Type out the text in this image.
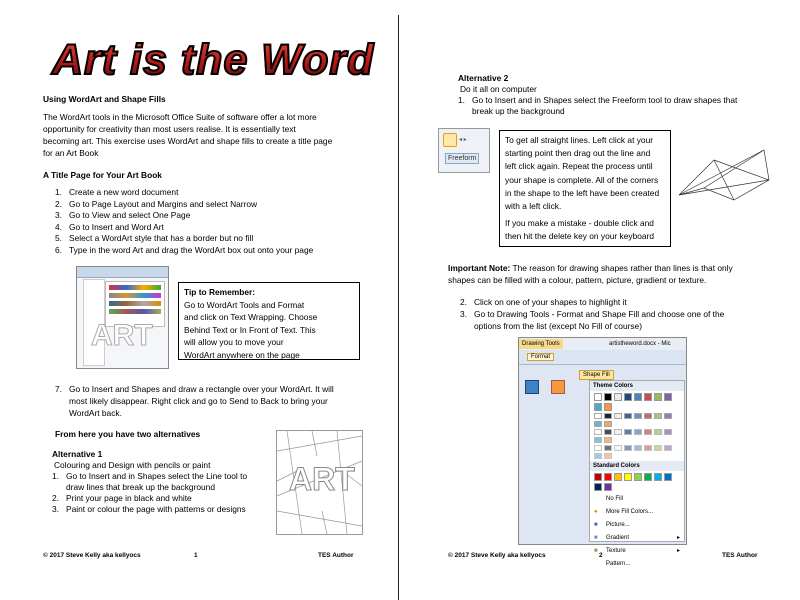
Art is the Word
Using WordArt and Shape Fills
The WordArt tools in the Microsoft Office Suite of software offer a lot more
opportunity for creativity than most users realise. It is essentially text
becoming art. This exercise uses WordArt and shape fills to create a title page
for an Art Book
A Title Page for Your Art Book
1. Create a new word document
2. Go to Page Layout and Margins and select Narrow
3. Go to View and select One Page
4. Go to Insert and Word Art
5. Select a WordArt style that has a border but no fill
6. Type in the word Art and drag the WordArt box out onto your page
ART
Tip to Remember:
Go to WordArt Tools and Format
and click on Text Wrapping. Choose
Behind Text or In Front of Text. This
will allow you to move your
WordArt anywhere on the page
7. Go to Insert and Shapes and draw a rectangle over your WordArt. It will
most likely disappear. Right click and go to Send to Back to bring your
WordArt back.
From here you have two alternatives
Alternative 1
Colouring and Design with pencils or paint
1. Go to Insert and in Shapes select the Line tool to
draw lines that break up the background
2. Print your page in black and white
3. Paint or colour the page with patterns or designs
ART
© 2017 Steve Kelly aka kellyocs	1	TES Author
Alternative 2
Do it all on computer
1. Go to Insert and in Shapes select the Freeform tool to draw shapes that
break up the background
◂ ▸
Freeform
To get all straight lines. Left click at your
starting point then drag out the line and
left click again. Repeat the process until
your shape is complete. All of the corners
in the shape to the left have been created
with a left click.
If you make a mistake - double click and
then hit the delete key on your keyboard
Important Note: The reason for drawing shapes rather than lines is that only
shapes can be filled with a colour, pattern, picture, gradient or texture.
2. Click on one of your shapes to highlight it
3. Go to Drawing Tools - Format and Shape Fill and choose one of the
options from the list (except No Fill of course)
Drawing Tools	artistheword.docx - Mic
Format
Shape Fill
Theme Colors
Standard Colors
No Fill
● More Fill Colors...
■ Picture...
■ Gradient	▸
■ Texture	▸
Pattern...
© 2017 Steve Kelly aka kellyocs	2	TES Author
